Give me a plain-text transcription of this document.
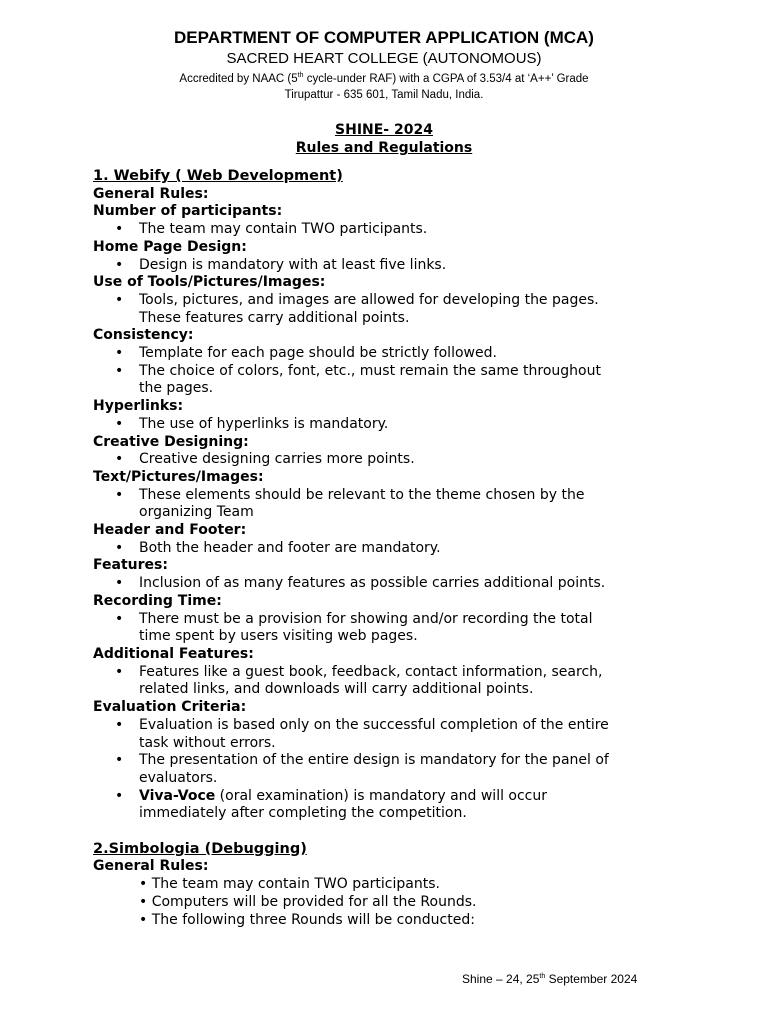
DEPARTMENT OF COMPUTER APPLICATION (MCA)
SACRED HEART COLLEGE (AUTONOMOUS)
Accredited by NAAC (5th cycle-under RAF) with a CGPA of 3.53/4 at ‘A++’ Grade
Tirupattur - 635 601, Tamil Nadu, India.
SHINE- 2024
Rules and Regulations
1. Webify ( Web Development)
General Rules:
Number of participants:
• The team may contain TWO participants.
Home Page Design:
• Design is mandatory with at least five links.
Use of Tools/Pictures/Images:
• Tools, pictures, and images are allowed for developing the pages.
These features carry additional points.
Consistency:
• Template for each page should be strictly followed.
• The choice of colors, font, etc., must remain the same throughout
the pages.
Hyperlinks:
• The use of hyperlinks is mandatory.
Creative Designing:
• Creative designing carries more points.
Text/Pictures/Images:
• These elements should be relevant to the theme chosen by the
organizing Team
Header and Footer:
• Both the header and footer are mandatory.
Features:
• Inclusion of as many features as possible carries additional points.
Recording Time:
• There must be a provision for showing and/or recording the total
time spent by users visiting web pages.
Additional Features:
• Features like a guest book, feedback, contact information, search,
related links, and downloads will carry additional points.
Evaluation Criteria:
• Evaluation is based only on the successful completion of the entire
task without errors.
• The presentation of the entire design is mandatory for the panel of
evaluators.
• Viva-Voce (oral examination) is mandatory and will occur
immediately after completing the competition.
2.Simbologia (Debugging)
General Rules:
• The team may contain TWO participants.
• Computers will be provided for all the Rounds.
• The following three Rounds will be conducted:
Shine – 24, 25th September 2024
